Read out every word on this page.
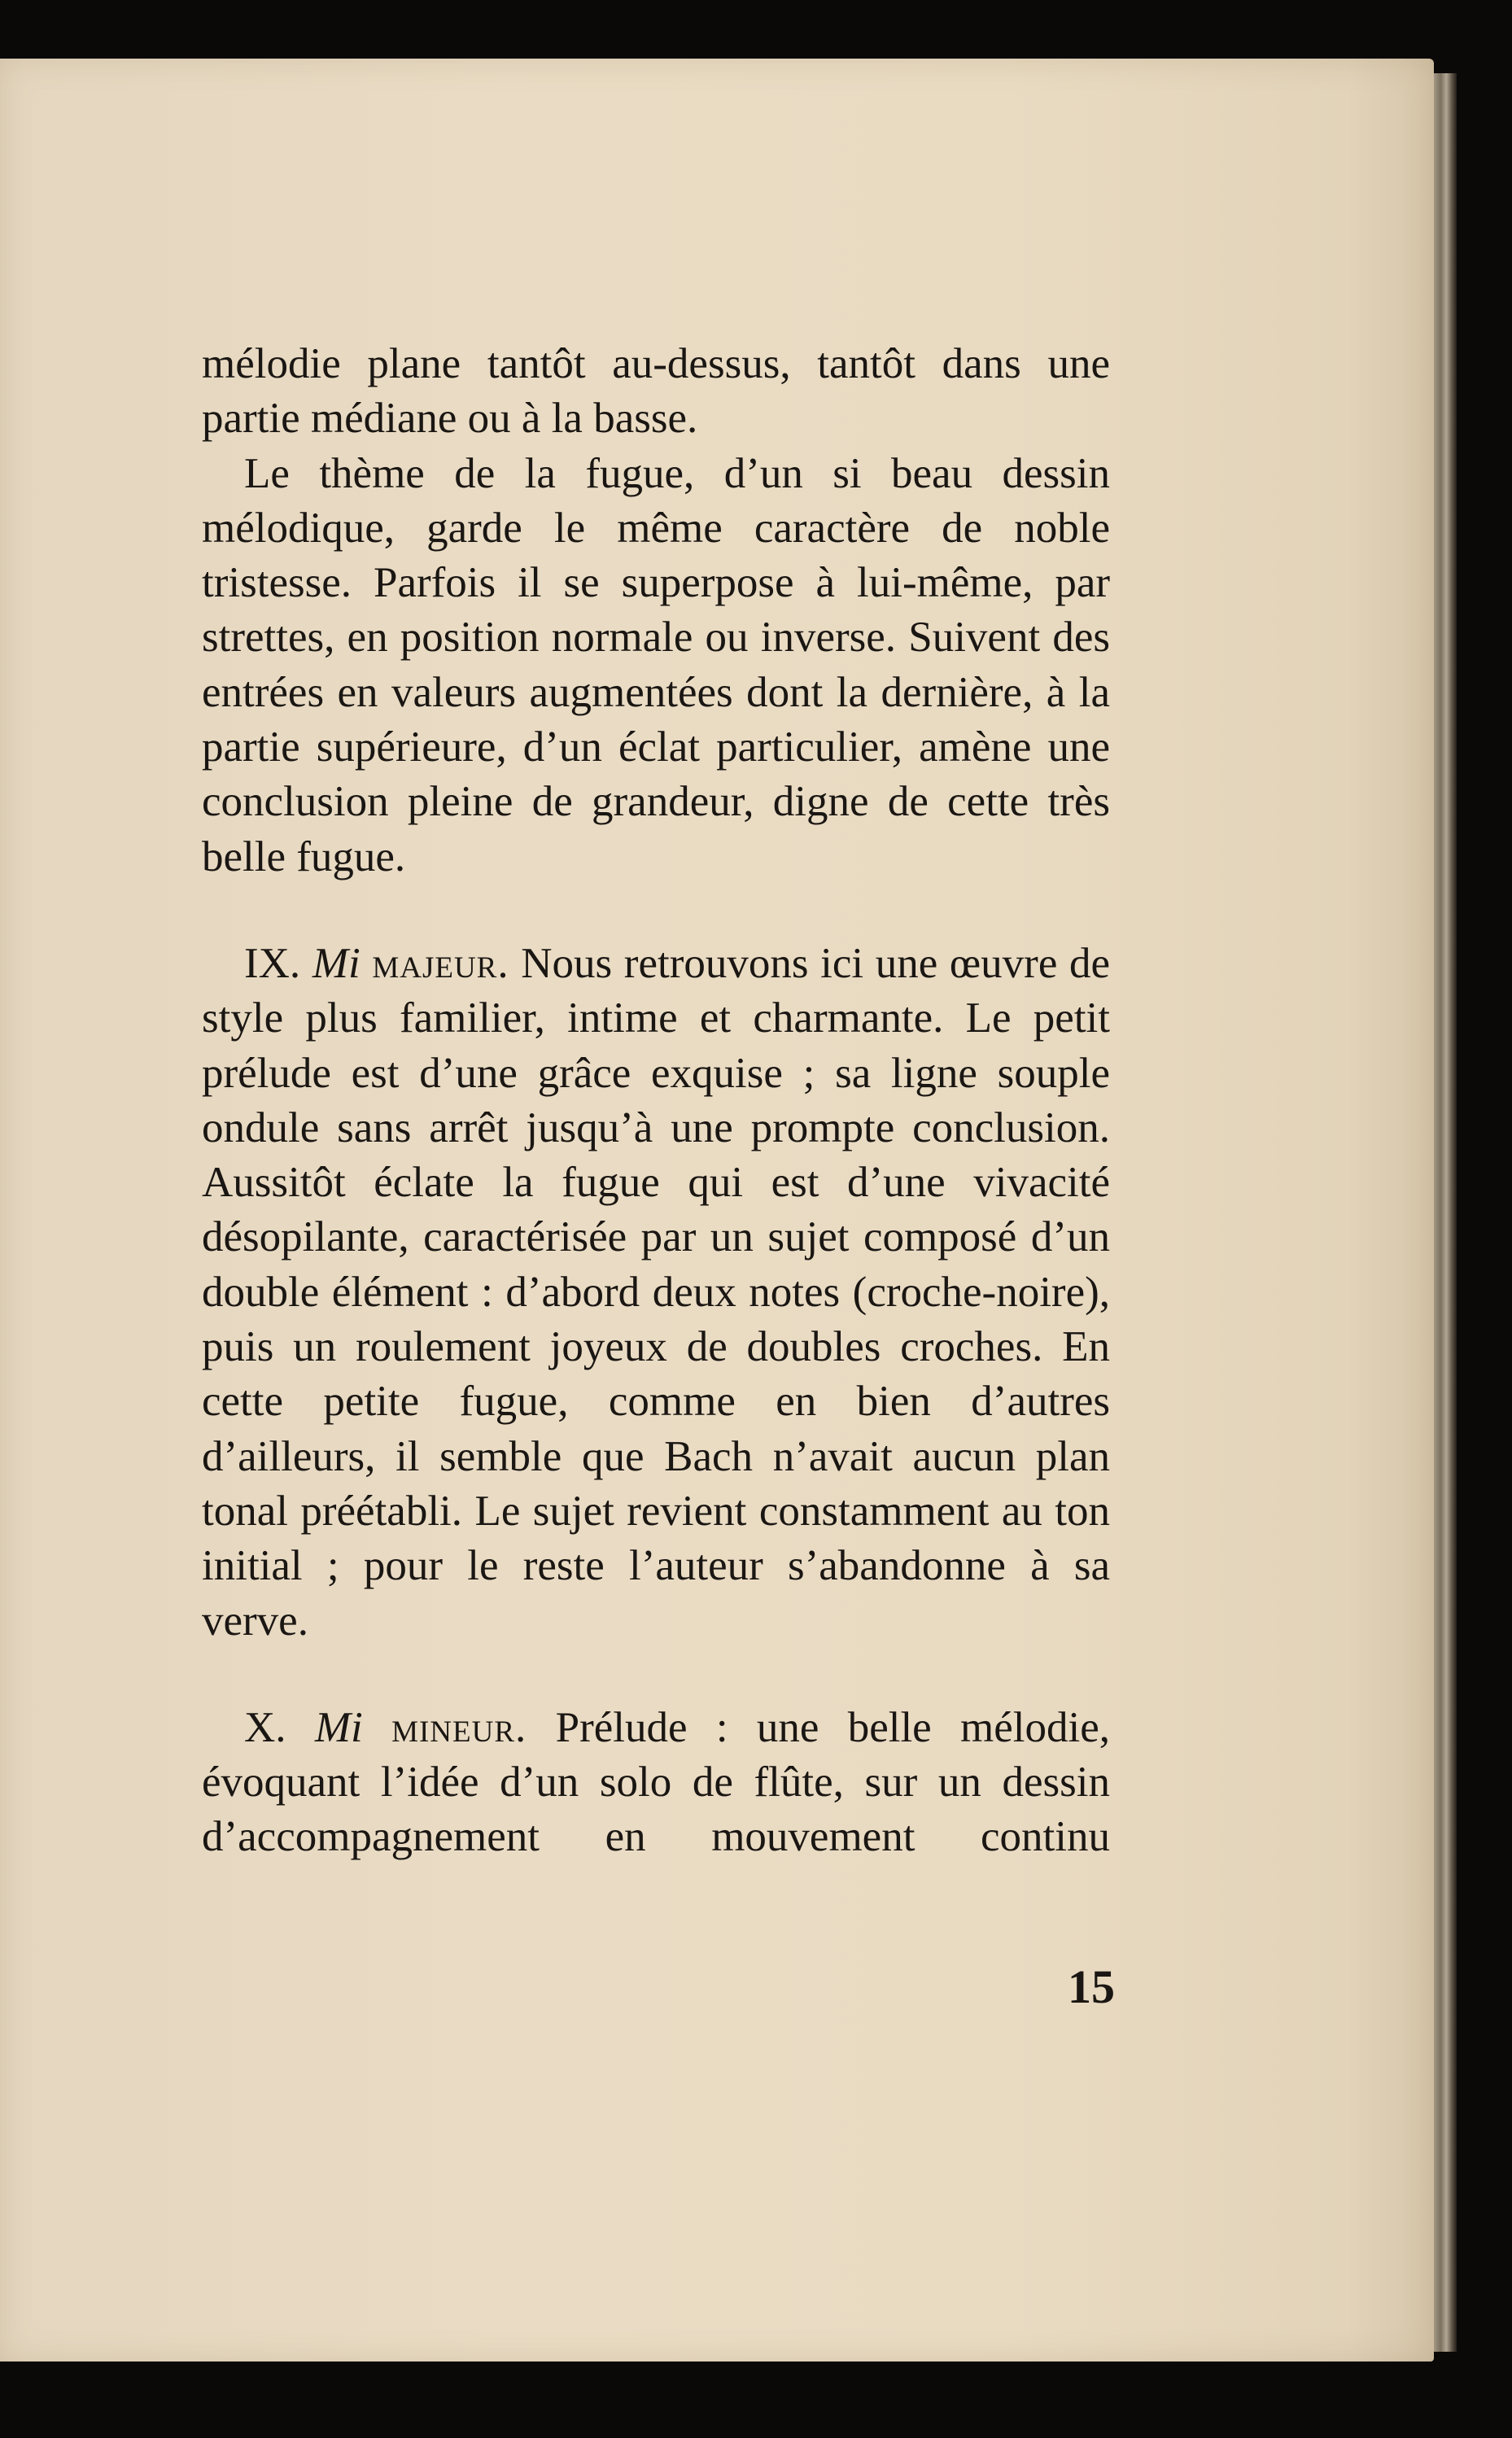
mélodie plane tantôt au-dessus, tantôt dans une partie médiane ou à la basse.

Le thème de la fugue, d’un si beau dessin mélodique, garde le même caractère de noble tristesse. Parfois il se superpose à lui-même, par strettes, en position normale ou inverse. Suivent des entrées en valeurs augmentées dont la dernière, à la partie supérieure, d’un éclat particulier, amène une conclusion pleine de grandeur, digne de cette très belle fugue.

IX. Mi majeur. Nous retrouvons ici une œuvre de style plus familier, intime et charmante. Le petit prélude est d’une grâce exquise ; sa ligne souple ondule sans arrêt jusqu’à une prompte conclusion. Aussitôt éclate la fugue qui est d’une vivacité désopilante, caractérisée par un sujet composé d’un double élément : d’abord deux notes (croche-noire), puis un roulement joyeux de doubles croches. En cette petite fugue, comme en bien d’autres d’ailleurs, il semble que Bach n’avait aucun plan tonal préétabli. Le sujet revient constamment au ton initial ; pour le reste l’auteur s’abandonne à sa verve.

X. Mi mineur. Prélude : une belle mélodie, évoquant l’idée d’un solo de flûte, sur un dessin d’accompagnement en mouvement continu

15
